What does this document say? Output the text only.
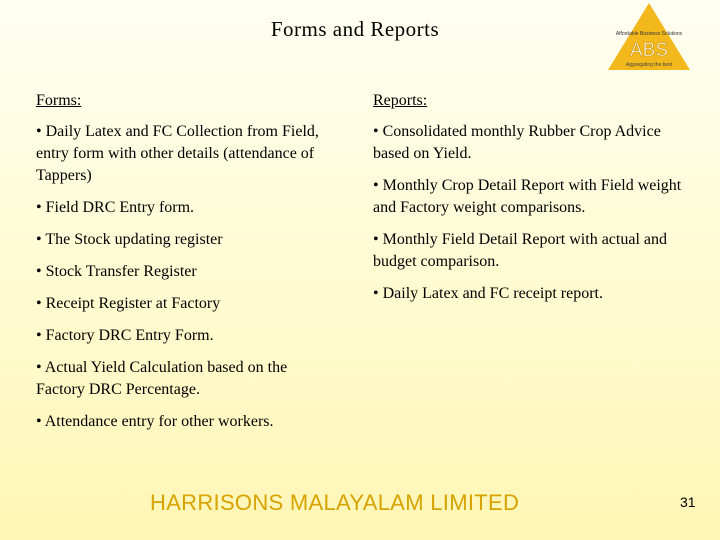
Forms and Reports	Affordable Business Solutions
ABS
Aggregating the best
Forms:
• Daily Latex and FC Collection from Field, entry form with other details (attendance of Tappers)
• Field DRC Entry form.
• The Stock updating register
• Stock Transfer Register
• Receipt Register at Factory
• Factory DRC Entry Form.
• Actual Yield Calculation based on the Factory DRC Percentage.
• Attendance entry for other workers.
Reports:
• Consolidated monthly Rubber Crop Advice based on Yield.
• Monthly Crop Detail Report with Field weight and Factory weight comparisons.
• Monthly Field Detail Report with actual and budget comparison.
• Daily Latex and FC receipt report.
HARRISONS MALAYALAM LIMITED	31
